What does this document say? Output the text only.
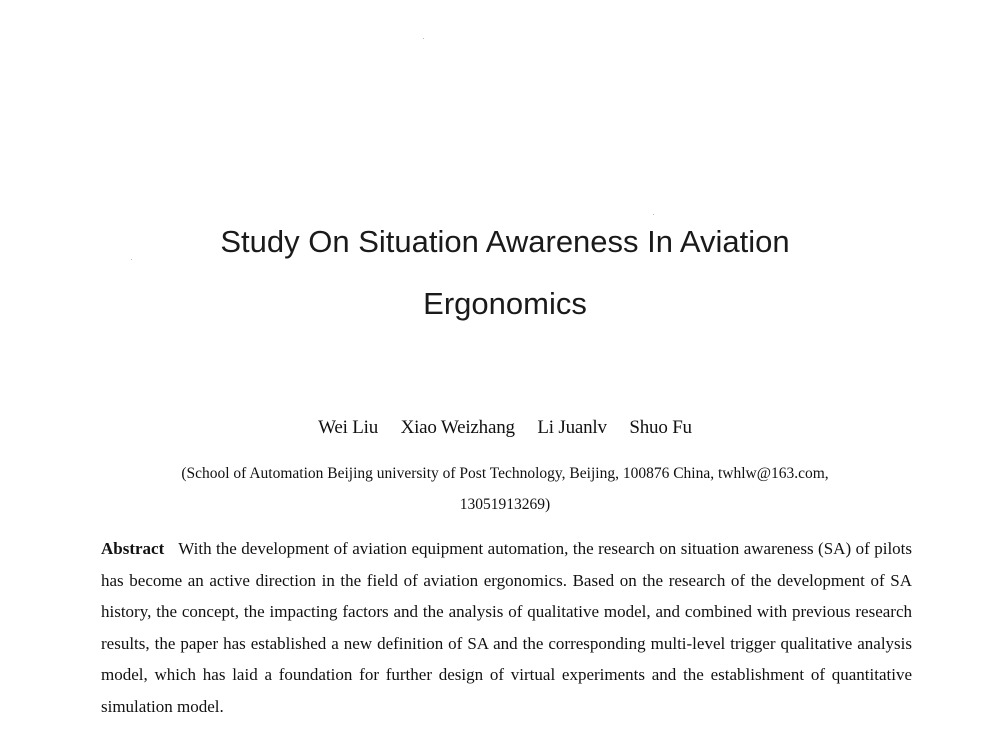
Study On Situation Awareness In Aviation
Ergonomics
Wei Liu Xiao Weizhang Li Juanlv Shuo Fu
(School of Automation Beijing university of Post Technology, Beijing, 100876 China, twhlw@163.com,
13051913269)

Abstract With the development of aviation equipment automation, the research on situation awareness (SA) of pilots has become an active direction in the field of aviation ergonomics. Based on the research of the development of SA history, the concept, the impacting factors and the analysis of qualitative model, and combined with previous research results, the paper has established a new definition of SA and the corresponding multi-level trigger qualitative analysis model, which has laid a foundation for further design of virtual experiments and the establishment of quantitative simulation model.
